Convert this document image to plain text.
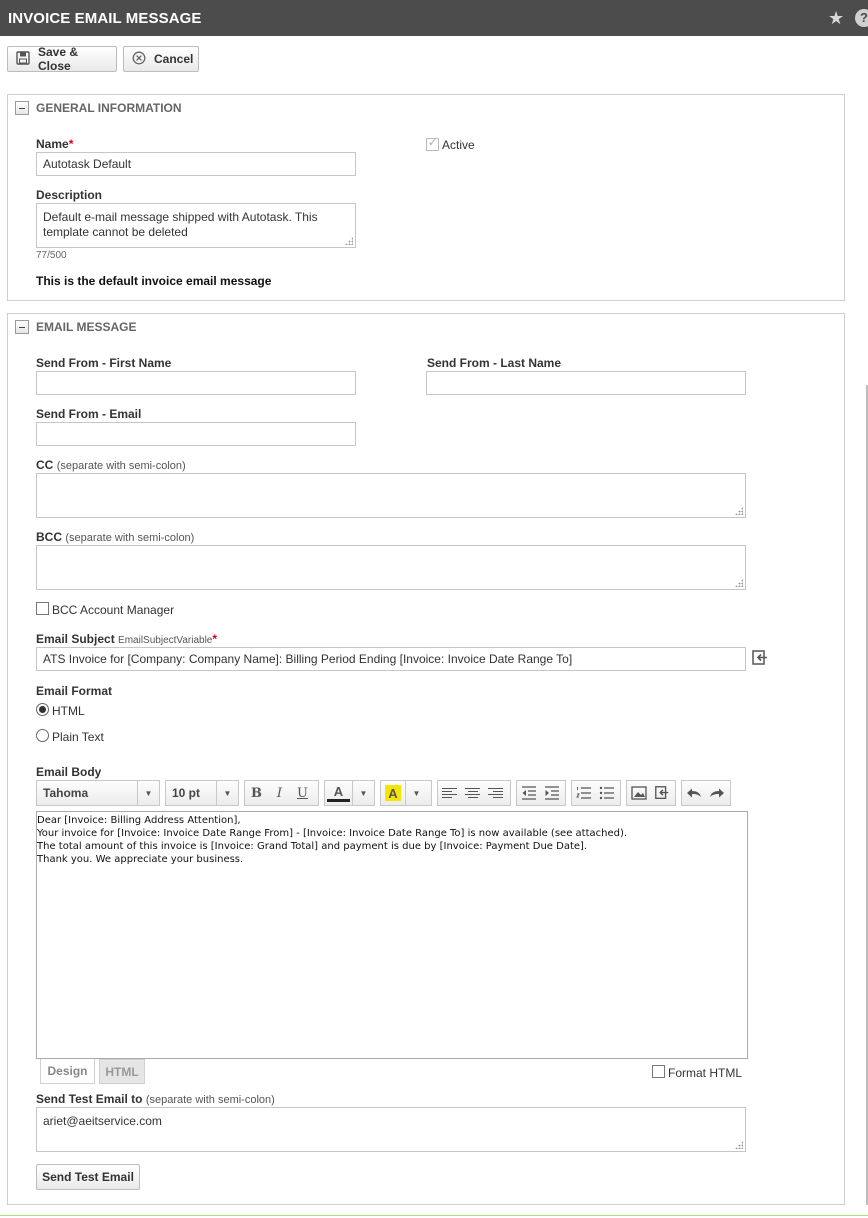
INVOICE EMAIL MESSAGE	★	?
Save & Close	Cancel
GENERAL INFORMATION
Name*
Autotask Default
✓
Active
Description
Default e-mail message shipped with Autotask. This template cannot be deleted
77/500
This is the default invoice email message
EMAIL MESSAGE
Send From - First Name	Send From - Last Name
Send From - Email
CC (separate with semi-colon)
BCC (separate with semi-colon)
BCC Account Manager
Email Subject EmailSubjectVariable*
ATS Invoice for [Company: Company Name]: Billing Period Ending [Invoice: Invoice Date Range To]
Email Format
HTML
Plain Text
Email Body
Tahoma	▼	10 pt	▼	B	I	U	A	▼	A	▼

Dear [Invoice: Billing Address Attention],

Your invoice for [Invoice: Invoice Date Range From] - [Invoice: Invoice Date Range To] is now available (see attached).

The total amount of this invoice is [Invoice: Grand Total] and payment is due by [Invoice: Payment Due Date].

Thank you. We appreciate your business.

Design	HTML	Format HTML
Send Test Email to (separate with semi-colon)
ariet@aeitservice.com
Send Test Email
